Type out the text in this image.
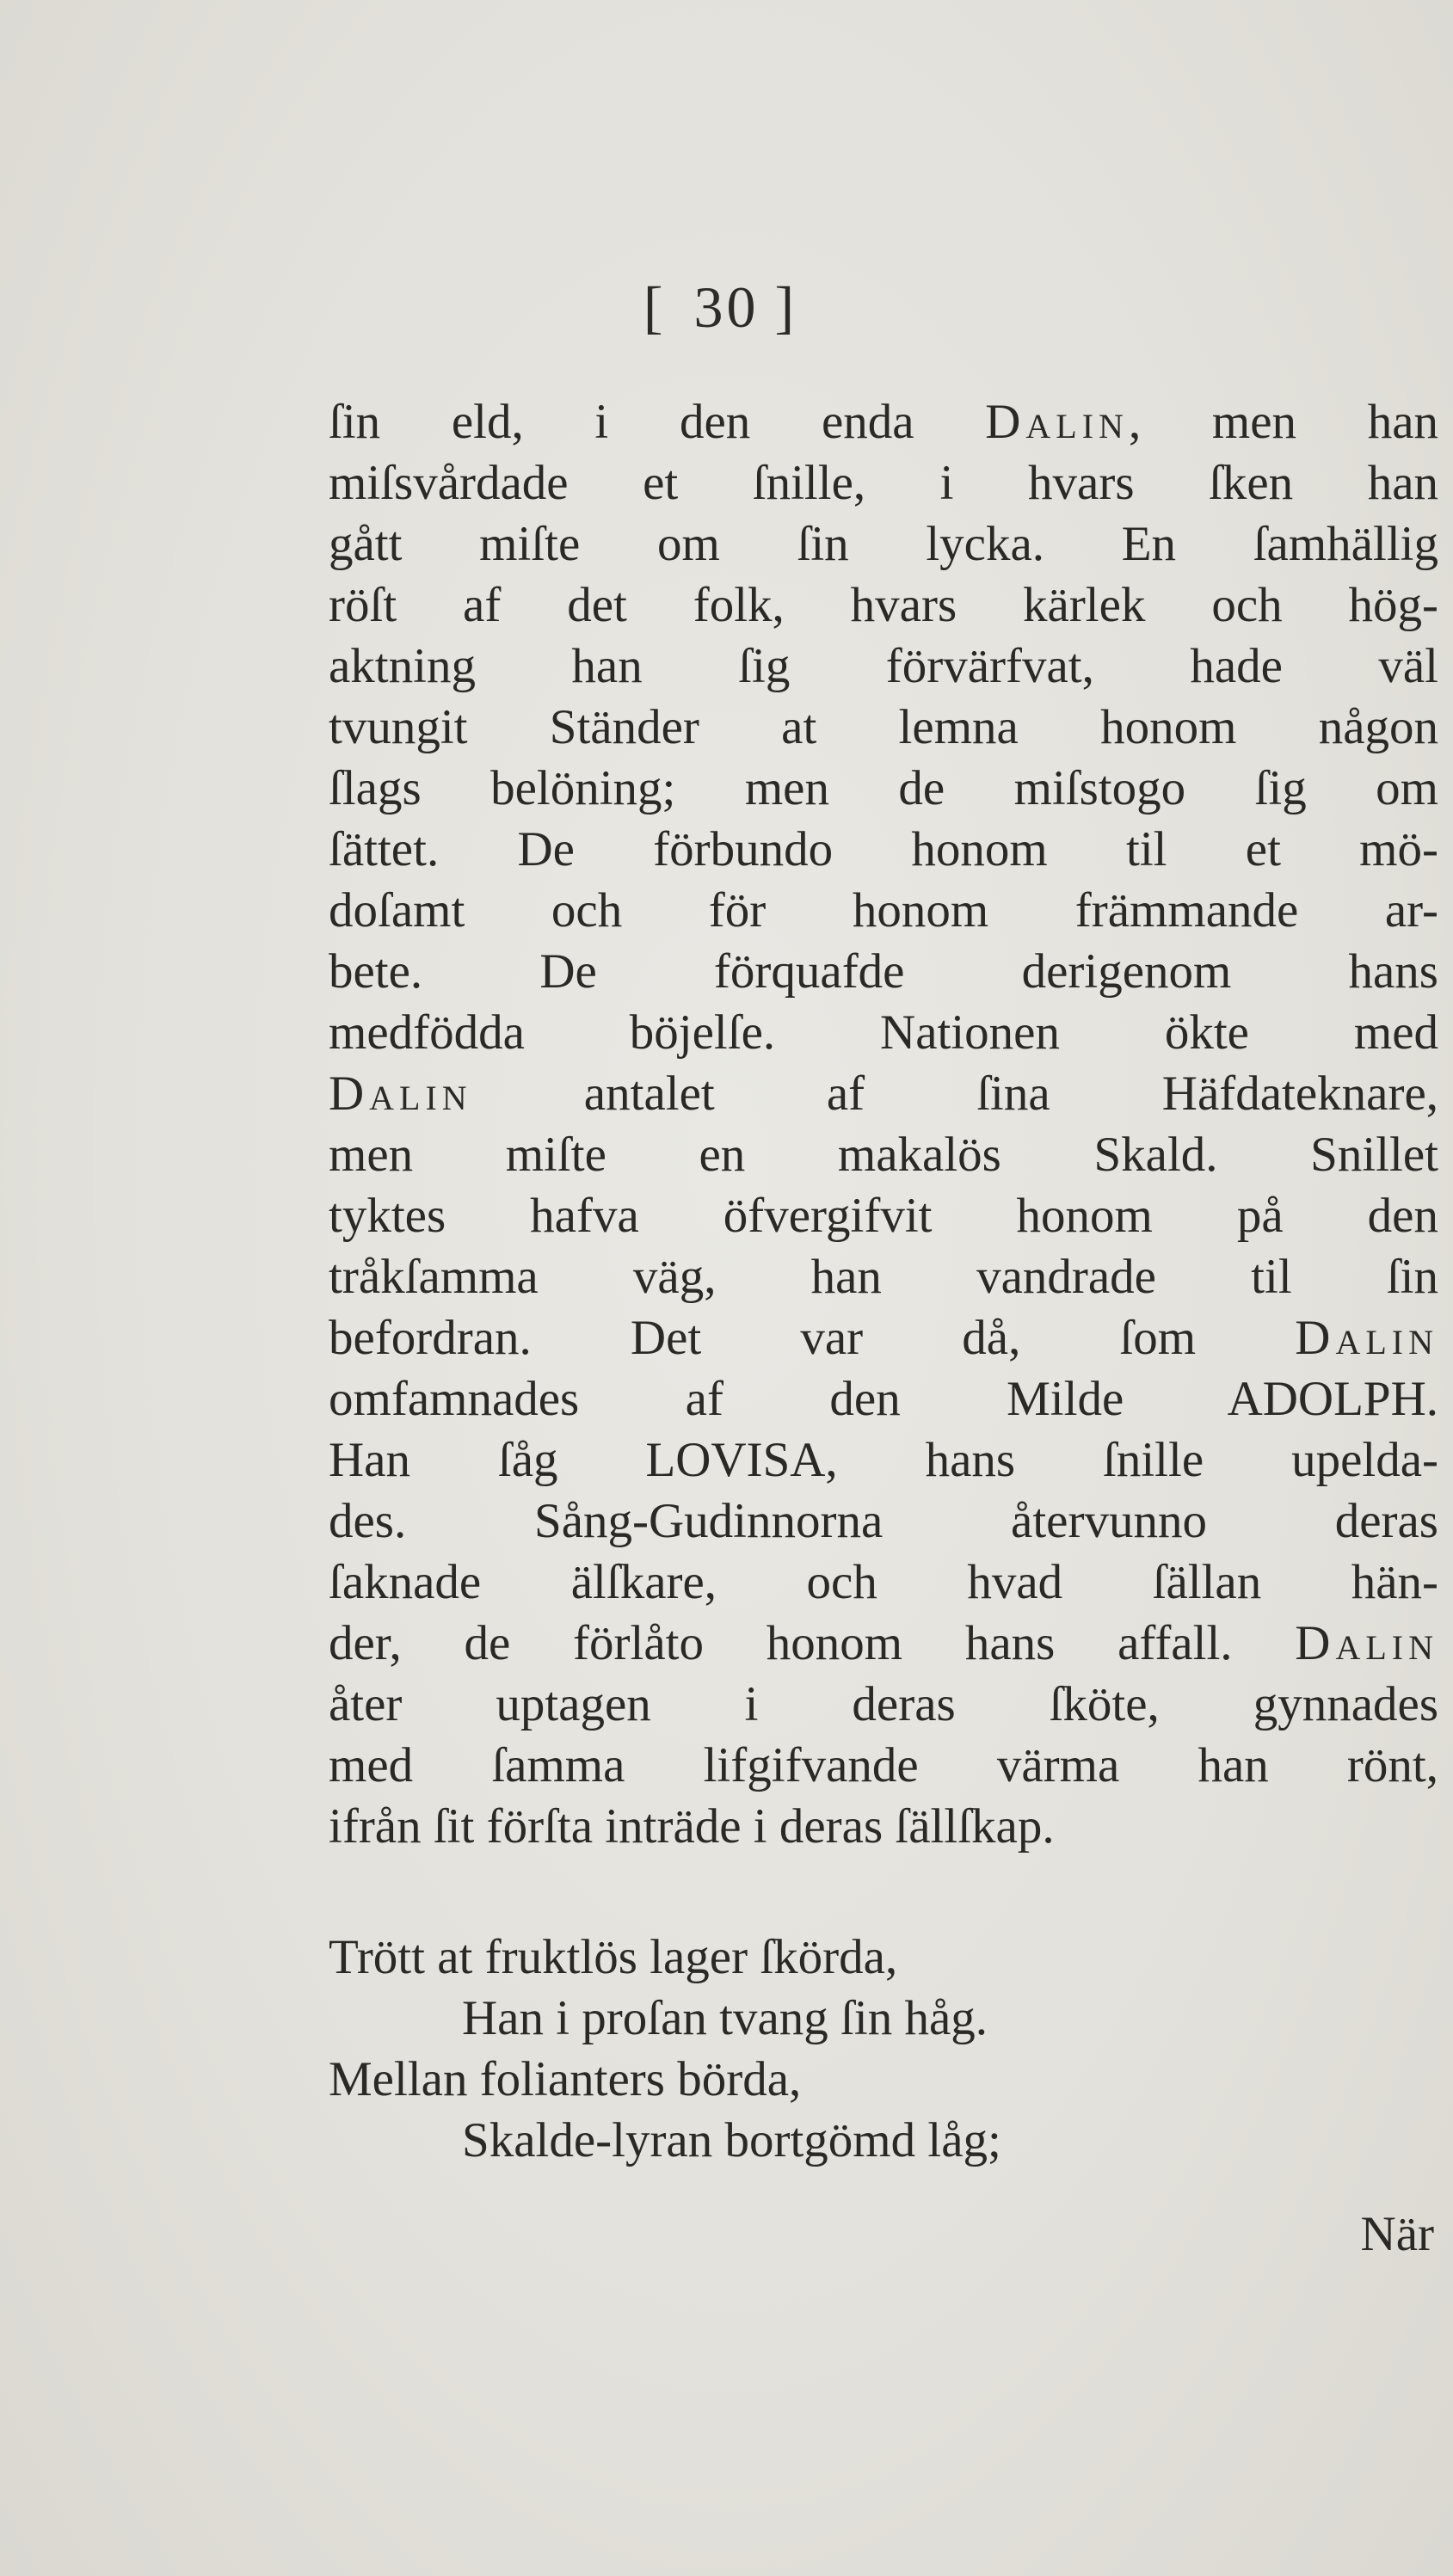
[ 30 ]
ſin eld, i den enda Dalin, men han
miſsvårdade et ſnille, i hvars ſken han
gått miſte om ſin lycka. En ſamhällig
röſt af det folk, hvars kärlek och hög-
aktning han ſig förvärfvat, hade väl
tvungit Ständer at lemna honom någon
ſlags belöning; men de miſstogo ſig om
ſättet. De förbundo honom til et mö-
doſamt och för honom främmande ar-
bete. De förquafde derigenom hans
medfödda böjelſe. Nationen ökte med
Dalin antalet af ſina Häfdateknare,
men miſte en makalös Skald. Snillet
tyktes hafva öfvergifvit honom på den
tråkſamma väg, han vandrade til ſin
befordran. Det var då, ſom Dalin
omfamnades af den Milde ADOLPH.
Han ſåg LOVISA, hans ſnille upelda-
des. Sång-Gudinnorna återvunno deras
ſaknade älſkare, och hvad ſällan hän-
der, de förlåto honom hans affall. Dalin
åter uptagen i deras ſköte, gynnades
med ſamma lifgifvande värma han rönt,
ifrån ſit förſta inträde i deras ſällſkap.
Trött at fruktlös lager ſkörda,
Han i proſan tvang ſin håg.
Mellan folianters börda,
Skalde-lyran bortgömd låg;
När
